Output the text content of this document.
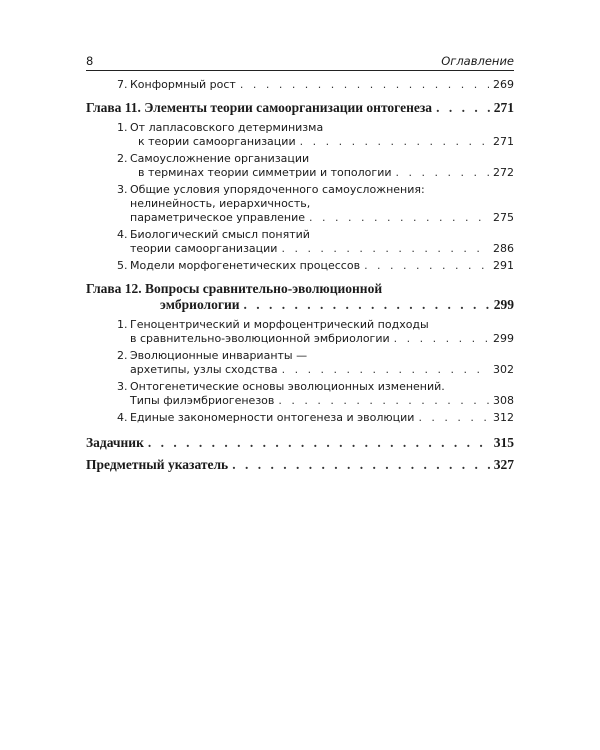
8	Оглавление
7. Конформный рост . . .	269
Глава 11. Элементы теории самоорганизации онтогенеза . . .	271
1. От лапласовского детерминизма
к теории самоорганизации . . .	271
2. Самоусложнение организации
в терминах теории симметрии и топологии . . .	272
3. Общие условия упорядоченного самоусложнения:
нелинейность, иерархичность,
параметрическое управление . . .	275
4. Биологический смысл понятий
теории самоорганизации . . .	286
5. Модели морфогенетических процессов . . .	291
Глава 12. Вопросы сравнительно-эволюционной
эмбриологии . . .	299
1. Геноцентрический и морфоцентрический подходы
в сравнительно-эволюционной эмбриологии . . .	299
2. Эволюционные инварианты —
архетипы, узлы сходства . . .	302
3. Онтогенетические основы эволюционных изменений.
Типы филэмбриогенезов . . .	308
4. Единые закономерности онтогенеза и эволюции . . .	312
Задачник . . .	315
Предметный указатель . . .	327
